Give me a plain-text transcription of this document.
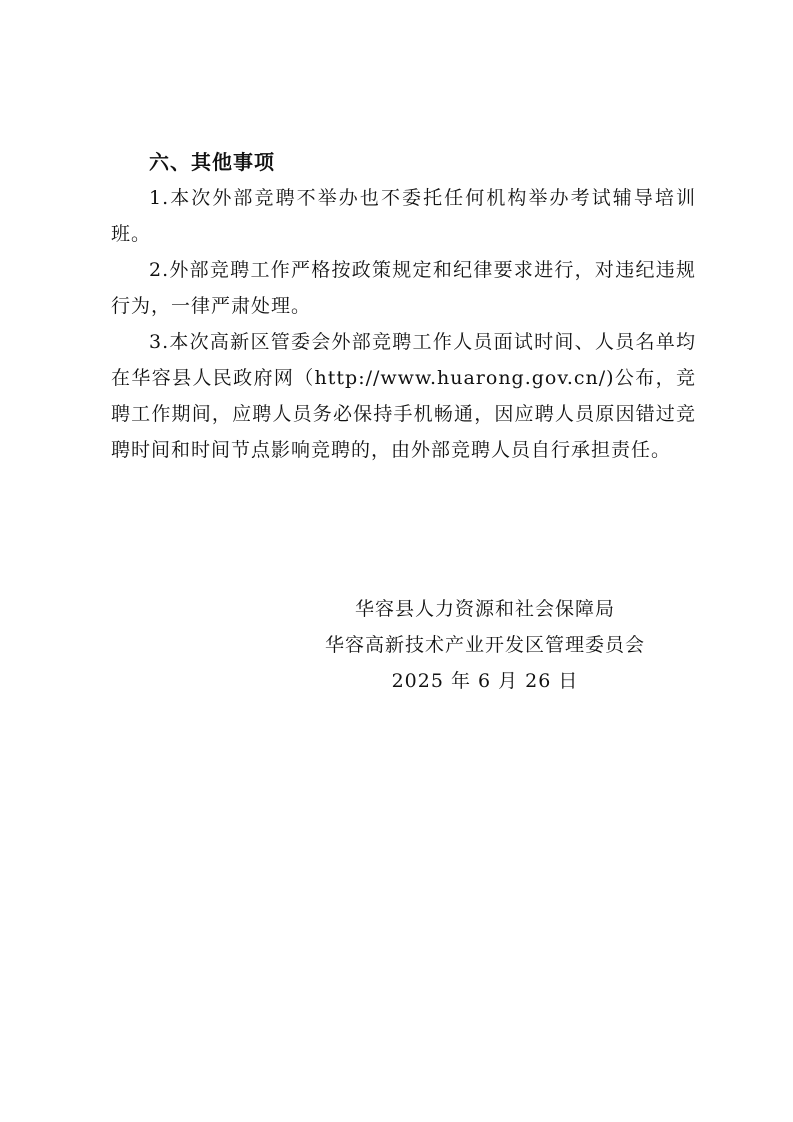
六、其他事项

1.本次外部竞聘不举办也不委托任何机构举办考试辅导培训班。

2.外部竞聘工作严格按政策规定和纪律要求进行，对违纪违规行为，一律严肃处理。

3.本次高新区管委会外部竞聘工作人员面试时间、人员名单均在华容县人民政府网（http://www.huarong.gov.cn/)公布，竞聘工作期间，应聘人员务必保持手机畅通，因应聘人员原因错过竞聘时间和时间节点影响竞聘的，由外部竞聘人员自行承担责任。

华容县人力资源和社会保障局
华容高新技术产业开发区管理委员会
2025 年 6 月 26 日
